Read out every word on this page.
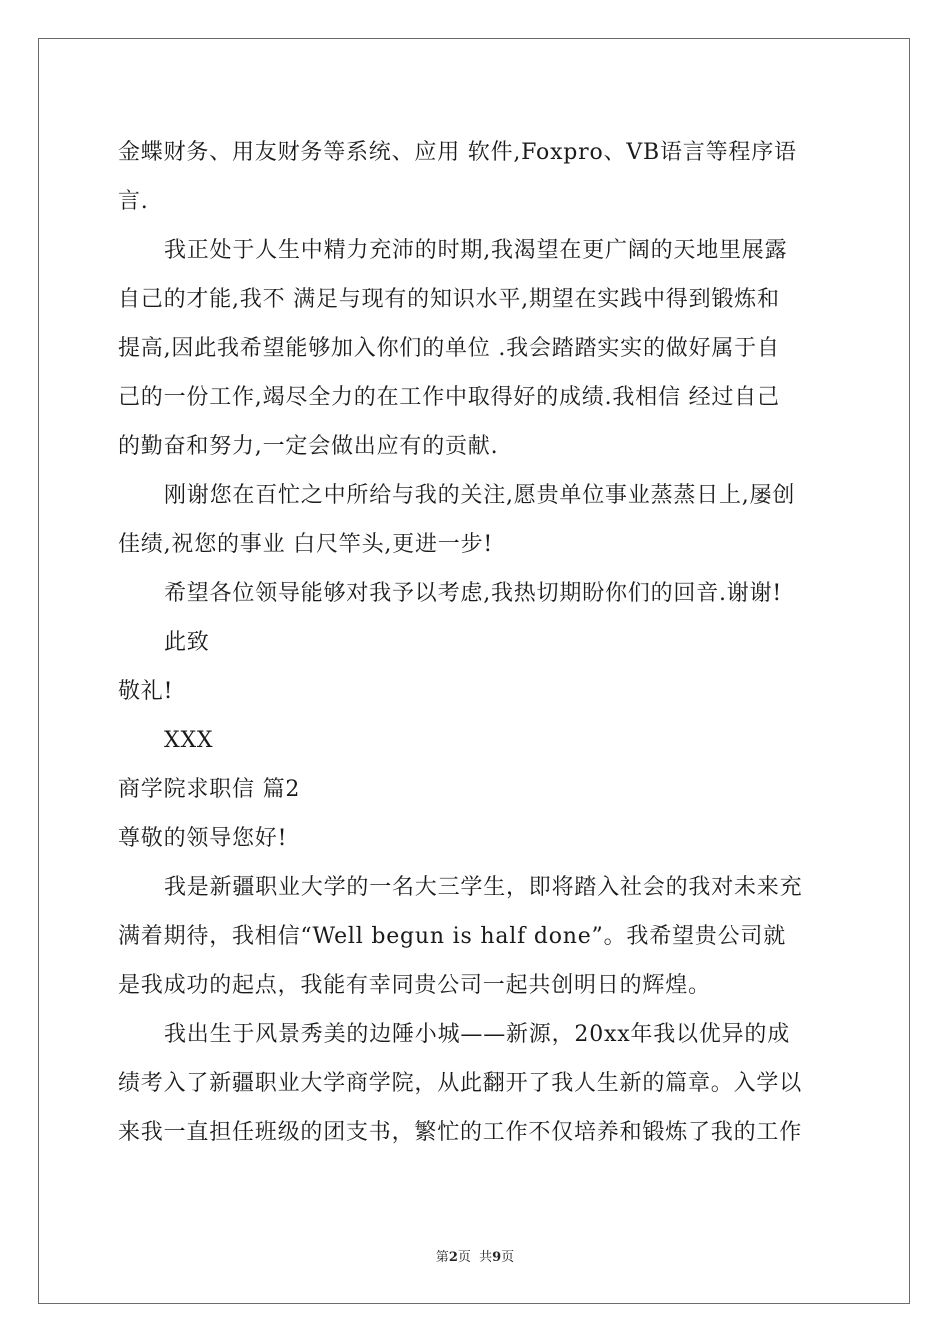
金蝶财务、用友财务等系统、应用 软件,Foxpro、VB语言等程序语
言.
我正处于人生中精力充沛的时期,我渴望在更广阔的天地里展露
自己的才能,我不 满足与现有的知识水平,期望在实践中得到锻炼和
提高,因此我希望能够加入你们的单位 .我会踏踏实实的做好属于自
己的一份工作,竭尽全力的在工作中取得好的成绩.我相信 经过自己
的勤奋和努力,一定会做出应有的贡献.
刚谢您在百忙之中所给与我的关注,愿贵单位事业蒸蒸日上,屡创
佳绩,祝您的事业 白尺竿头,更进一步!
希望各位领导能够对我予以考虑,我热切期盼你们的回音.谢谢!
此致
敬礼!
XXX
商学院求职信 篇2
尊敬的领导您好!
我是新疆职业大学的一名大三学生，即将踏入社会的我对未来充
满着期待，我相信“Well begun is half done”。我希望贵公司就
是我成功的起点，我能有幸同贵公司一起共创明日的辉煌。
我出生于风景秀美的边陲小城——新源，20xx年我以优异的成
绩考入了新疆职业大学商学院，从此翻开了我人生新的篇章。入学以
来我一直担任班级的团支书，繁忙的工作不仅培养和锻炼了我的工作
第2页  共9页
